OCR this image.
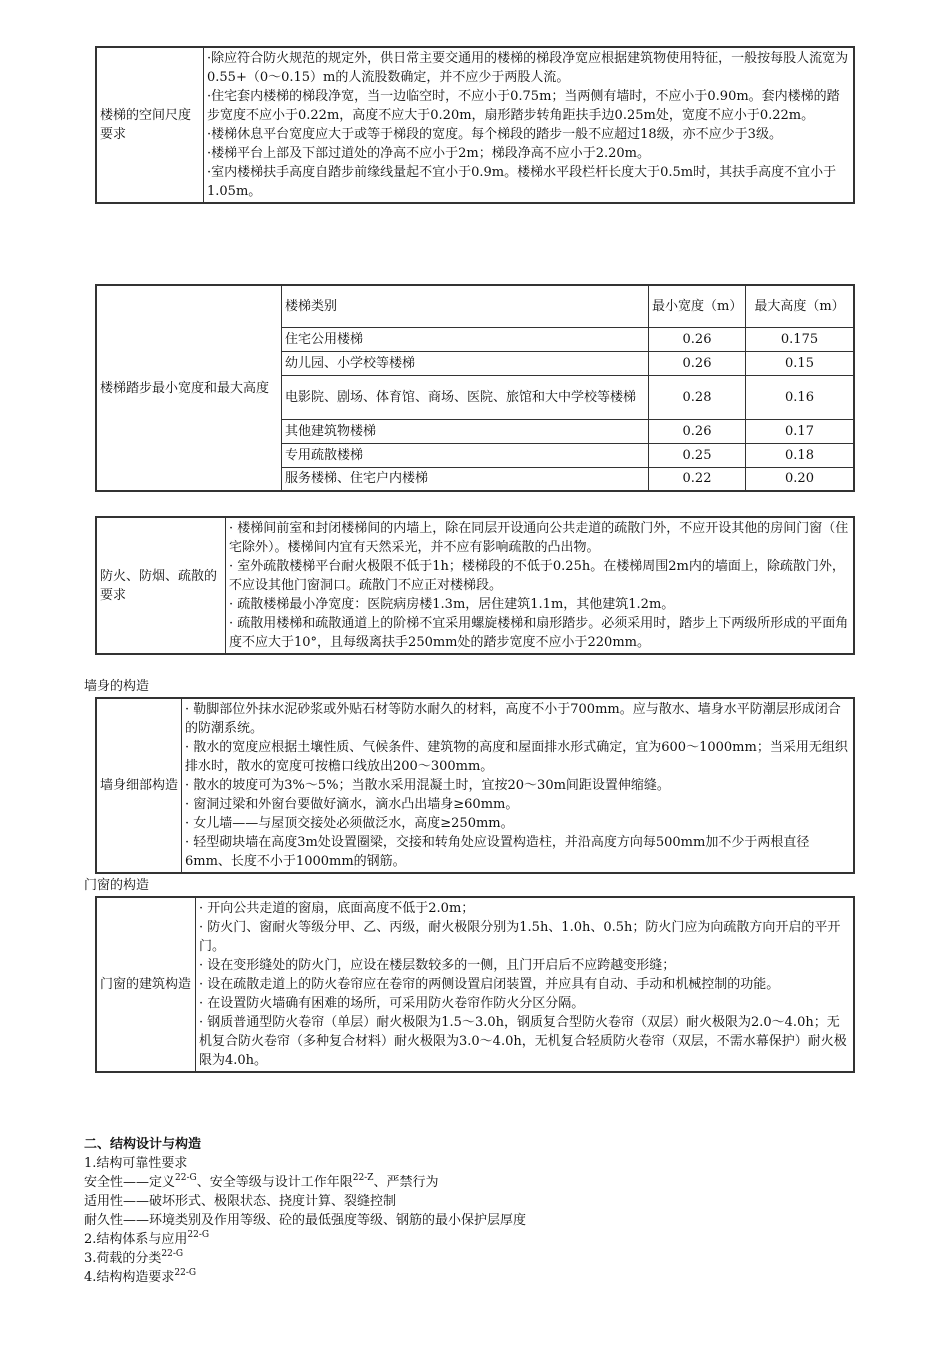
楼梯的空间尺度要求	
·除应符合防火规范的规定外，供日常主要交通用的楼梯的梯段净宽应根据建筑物使用特征，一般按每股人流宽为0.55+（0～0.15）m的人流股数确定，并不应少于两股人流。
·住宅套内楼梯的梯段净宽，当一边临空时，不应小于0.75m；当两侧有墙时，不应小于0.90m。套内楼梯的踏步宽度不应小于0.22m，高度不应大于0.20m，扇形踏步转角距扶手边0.25m处，宽度不应小于0.22m。
·楼梯休息平台宽度应大于或等于梯段的宽度。每个梯段的踏步一般不应超过18级，亦不应少于3级。
·楼梯平台上部及下部过道处的净高不应小于2m；梯段净高不应小于2.20m。
·室内楼梯扶手高度自踏步前缘线量起不宜小于0.9m。楼梯水平段栏杆长度大于0.5m时，其扶手高度不宜小于1.05m。
楼梯踏步最小宽度和最大高度	楼梯类别	最小宽度（m）	最大高度（m）
	住宅公用楼梯	0.26	0.175
	幼儿园、小学校等楼梯	0.26	0.15
	电影院、剧场、体育馆、商场、医院、旅馆和大中学校等楼梯	0.28	0.16
	其他建筑物楼梯	0.26	0.17
	专用疏散楼梯	0.25	0.18
	服务楼梯、住宅户内楼梯	0.22	0.20
防火、防烟、疏散的要求	
· 楼梯间前室和封闭楼梯间的内墙上，除在同层开设通向公共走道的疏散门外，不应开设其他的房间门窗（住宅除外）。楼梯间内宜有天然采光，并不应有影响疏散的凸出物。
· 室外疏散楼梯平台耐火极限不低于1h；楼梯段的不低于0.25h。在楼梯周围2m内的墙面上，除疏散门外，不应设其他门窗洞口。疏散门不应正对楼梯段。
· 疏散楼梯最小净宽度：医院病房楼1.3m，居住建筑1.1m，其他建筑1.2m。
· 疏散用楼梯和疏散通道上的阶梯不宜采用螺旋楼梯和扇形踏步。必须采用时，踏步上下两级所形成的平面角度不应大于10°，且每级离扶手250mm处的踏步宽度不应小于220mm。
墙身的构造
墙身细部构造	
· 勒脚部位外抹水泥砂浆或外贴石材等防水耐久的材料，高度不小于700mm。应与散水、墙身水平防潮层形成闭合的防潮系统。
· 散水的宽度应根据土壤性质、气候条件、建筑物的高度和屋面排水形式确定，宜为600～1000mm；当采用无组织排水时，散水的宽度可按檐口线放出200～300mm。
· 散水的坡度可为3%～5%；当散水采用混凝土时，宜按20～30m间距设置伸缩缝。
· 窗洞过梁和外窗台要做好滴水，滴水凸出墙身≥60mm。
· 女儿墙——与屋顶交接处必须做泛水，高度≥250mm。
· 轻型砌块墙在高度3m处设置圈梁，交接和转角处应设置构造柱，并沿高度方向每500mm加不少于两根直径6mm、长度不小于1000mm的钢筋。
门窗的构造
门窗的建筑构造	
· 开向公共走道的窗扇，底面高度不低于2.0m；
· 防火门、窗耐火等级分甲、乙、丙级，耐火极限分别为1.5h、1.0h、0.5h；防火门应为向疏散方向开启的平开门。
· 设在变形缝处的防火门，应设在楼层数较多的一侧，且门开启后不应跨越变形缝；
· 设在疏散走道上的防火卷帘应在卷帘的两侧设置启闭装置，并应具有自动、手动和机械控制的功能。
· 在设置防火墙确有困难的场所，可采用防火卷帘作防火分区分隔。
· 钢质普通型防火卷帘（单层）耐火极限为1.5～3.0h，钢质复合型防火卷帘（双层）耐火极限为2.0～4.0h；无机复合防火卷帘（多种复合材料）耐火极限为3.0～4.0h，无机复合轻质防火卷帘（双层，不需水幕保护）耐火极限为4.0h。
二、结构设计与构造
1.结构可靠性要求
安全性——定义$^{22-G}$、安全等级与设计工作年限$^{22-Z}$、严禁行为
适用性——破坏形式、极限状态、挠度计算、裂缝控制
耐久性——环境类别及作用等级、砼的最低强度等级、钢筋的最小保护层厚度
2.结构体系与应用$^{22-G}$
3.荷载的分类$^{22-G}$
4.结构构造要求$^{22-G}$
